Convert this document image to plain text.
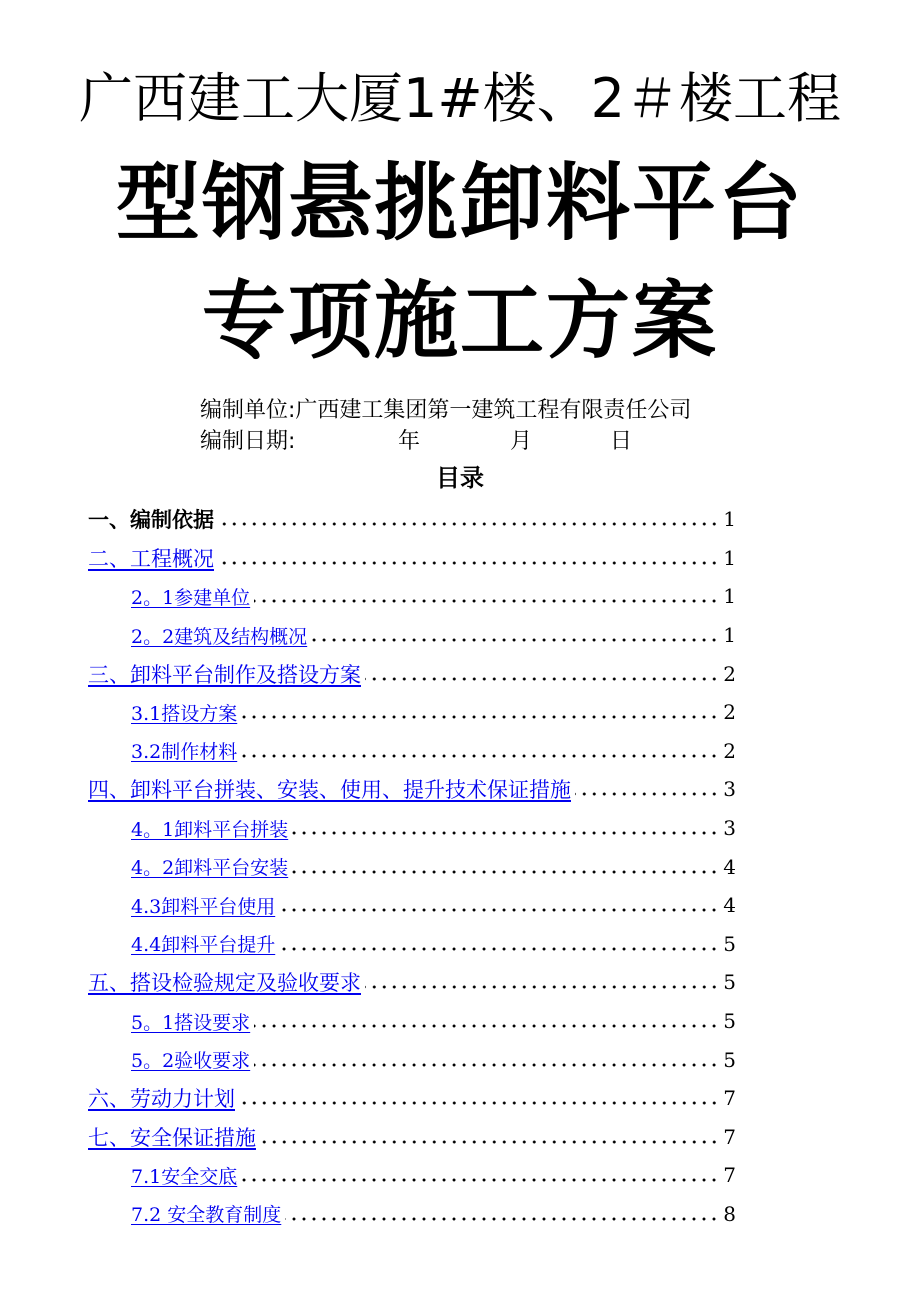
广西建工大厦1#楼、2＃楼工程
型钢悬挑卸料平台
专项施工方案
编制单位:广西建工集团第一建筑工程有限责任公司
编制日期:	年	月	日
目录
一、编制依据	1
二、工程概况	1
2。1参建单位	1
2。2建筑及结构概况	1
三、卸料平台制作及搭设方案	2
3.1搭设方案	2
3.2制作材料	2
四、卸料平台拼装、安装、使用、提升技术保证措施	3
4。1卸料平台拼装	3
4。2卸料平台安装	4
4.3卸料平台使用	4
4.4卸料平台提升	5
五、搭设检验规定及验收要求	5
5。1搭设要求	5
5。2验收要求	5
六、劳动力计划	7
七、安全保证措施	7
7.1安全交底	7
7.2 安全教育制度	8
